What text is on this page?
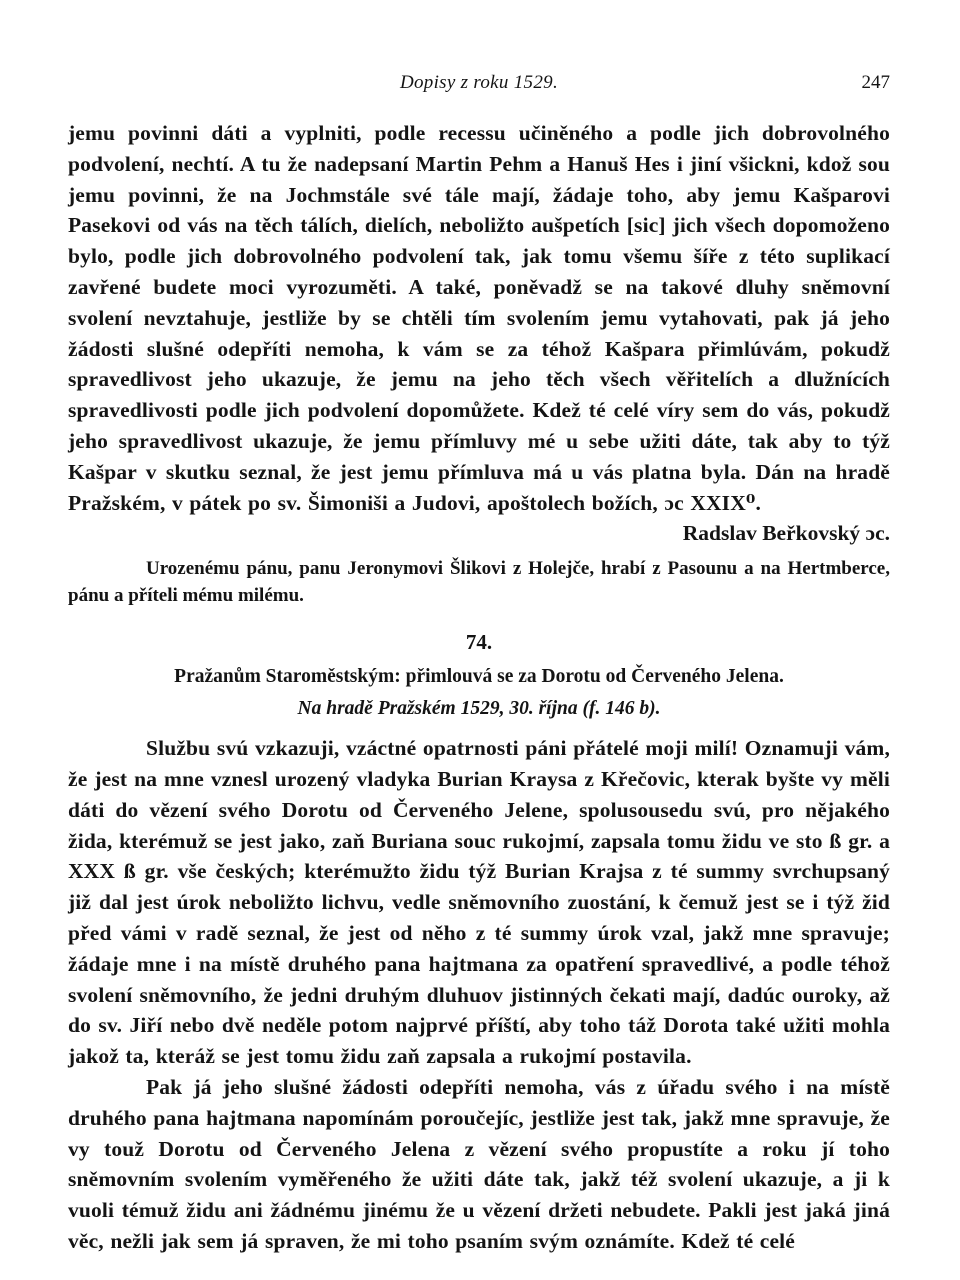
Dopisy z roku 1529.	247

jemu povinni dáti a vyplniti, podle recessu učiněného a podle jich dobrovolného podvolení, nechtí. A tu že nadepsaní Martin Pehm a Hanuš Hes i jiní všickni, kdož sou jemu povinni, že na Jochmstále své tále mají, žádaje toho, aby jemu Kašparovi Pasekovi od vás na těch tálích, dielích, neboližto aušpetích [sic] jich všech dopomoženo bylo, podle jich dobrovolného podvolení tak, jak tomu všemu šíře z této suplikací zavřené budete moci vyrozuměti. A také, poněvadž se na takové dluhy sněmovní svolení nevztahuje, jestliže by se chtěli tím svolením jemu vytahovati, pak já jeho žádosti slušné odepříti nemoha, k vám se za téhož Kašpara přimlúvám, pokudž spravedlivost jeho ukazuje, že jemu na jeho těch všech věřitelích a dlužnících spravedlivosti podle jich podvolení dopomůžete. Kdež té celé víry sem do vás, pokudž jeho spravedlivost ukazuje, že jemu přímluvy mé u sebe užiti dáte, tak aby to týž Kašpar v skutku seznal, že jest jemu přímluva má u vás platna byla. Dán na hradě Pražském, v pátek po sv. Šimoniši a Judovi, apoštolech božích, ɔc XXIX⁰.

Radslav Beřkovský ɔc.

Urozenému pánu, panu Jeronymovi Šlikovi z Holejče, hrabí z Pasounu a na Hertmberce, pánu a příteli mému milému.

74.
Pražanům Staroměstským: přimlouvá se za Dorotu od Červeného Jelena.
Na hradě Pražském 1529, 30. října (f. 146 b).

Službu svú vzkazuji, vzáctné opatrnosti páni přátelé moji milí! Oznamuji vám, že jest na mne vznesl urozený vladyka Burian Kraysa z Křečovic, kterak byšte vy měli dáti do vězení svého Dorotu od Červeného Jelene, spolusousedu svú, pro nějakého žida, kterémuž se jest jako, zaň Buriana souc rukojmí, zapsala tomu židu ve sto ß gr. a XXX ß gr. vše českých; kterémužto židu týž Burian Krajsa z té summy svrchupsaný již dal jest úrok neboližto lichvu, vedle sněmovního zuostání, k čemuž jest se i týž žid před vámi v radě seznal, že jest od něho z té summy úrok vzal, jakž mne spravuje; žádaje mne i na místě druhého pana hajtmana za opatření spravedlivé, a podle téhož svolení sněmovního, že jedni druhým dluhuov jistinných čekati mají, dadúc ouroky, až do sv. Jiří nebo dvě neděle potom najprvé příští, aby toho táž Dorota také užiti mohla jakož ta, kteráž se jest tomu židu zaň zapsala a rukojmí postavila.

Pak já jeho slušné žádosti odepříti nemoha, vás z úřadu svého i na místě druhého pana hajtmana napomínám poroučejíc, jestliže jest tak, jakž mne spravuje, že vy touž Dorotu od Červeného Jelena z vězení svého propustíte a roku jí toho sněmovním svolením vyměřeného že užiti dáte tak, jakž též svolení ukazuje, a ji k vuoli témuž židu ani žádnému jinému že u vězení držeti nebudete. Pakli jest jaká jiná věc, nežli jak sem já spraven, že mi toho psaním svým oznámíte. Kdež té celé
